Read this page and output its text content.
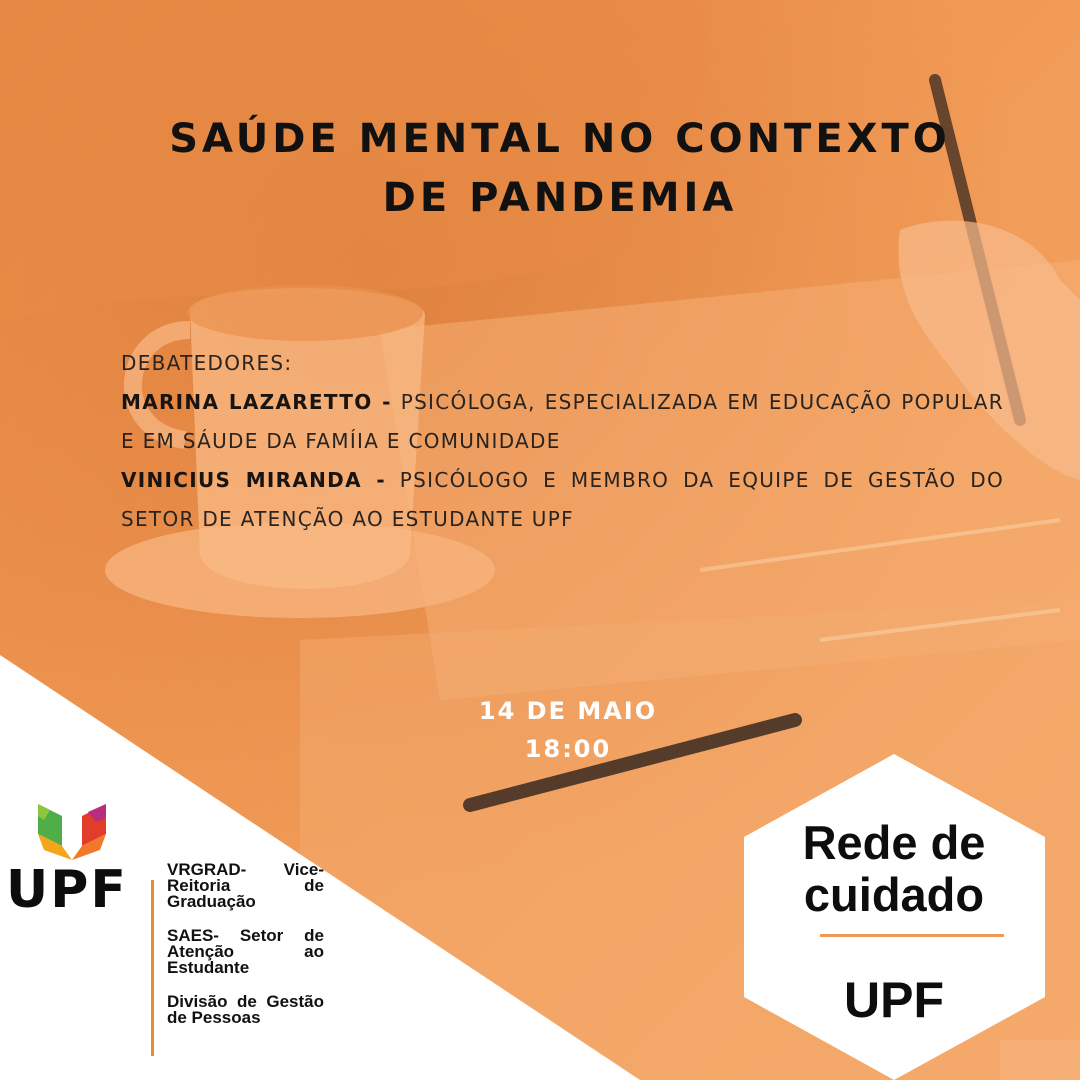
SAÚDE MENTAL NO CONTEXTO
DE PANDEMIA
DEBATEDORES:
MARINA LAZARETTO - PSICÓLOGA, ESPECIALIZADA EM EDUCAÇÃO POPULAR E EM SÁUDE DA FAMÍIA E COMUNIDADE
VINICIUS MIRANDA - PSICÓLOGO E MEMBRO DA EQUIPE DE GESTÃO DO SETOR DE ATENÇÃO AO ESTUDANTE UPF
14 DE MAIO
18:00
UPF	VRGRAD- Vice-Reitoria de Graduação
SAES- Setor de Atenção ao Estudante
Divisão de Gestão de Pessoas
Rede de
cuidado
UPF
